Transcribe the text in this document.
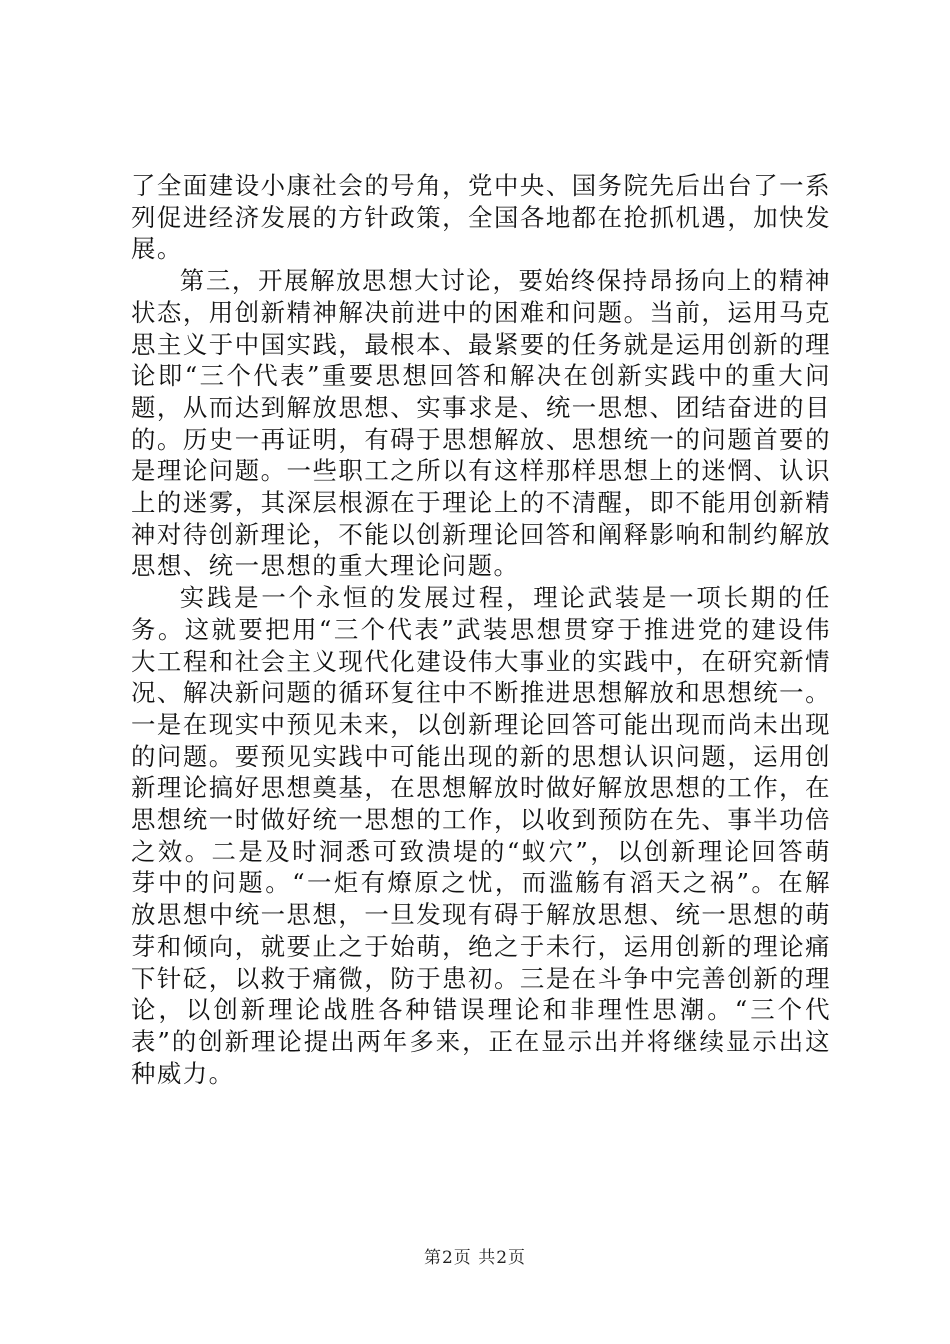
了全面建设小康社会的号角，党中央、国务院先后出台了一系列促进经济发展的方针政策，全国各地都在抢抓机遇，加快发展。

第三，开展解放思想大讨论，要始终保持昂扬向上的精神状态，用创新精神解决前进中的困难和问题。当前，运用马克思主义于中国实践，最根本、最紧要的任务就是运用创新的理论即“三个代表”重要思想回答和解决在创新实践中的重大问题，从而达到解放思想、实事求是、统一思想、团结奋进的目的。历史一再证明，有碍于思想解放、思想统一的问题首要的是理论问题。一些职工之所以有这样那样思想上的迷惘、认识上的迷雾，其深层根源在于理论上的不清醒，即不能用创新精神对待创新理论，不能以创新理论回答和阐释影响和制约解放思想、统一思想的重大理论问题。

实践是一个永恒的发展过程，理论武装是一项长期的任务。这就要把用“三个代表”武装思想贯穿于推进党的建设伟大工程和社会主义现代化建设伟大事业的实践中，在研究新情况、解决新问题的循环复往中不断推进思想解放和思想统一。一是在现实中预见未来，以创新理论回答可能出现而尚未出现的问题。要预见实践中可能出现的新的思想认识问题，运用创新理论搞好思想奠基，在思想解放时做好解放思想的工作，在思想统一时做好统一思想的工作，以收到预防在先、事半功倍之效。二是及时洞悉可致溃堤的“蚁穴”，以创新理论回答萌芽中的问题。“一炬有燎原之忧，而滥觞有滔天之祸”。在解放思想中统一思想，一旦发现有碍于解放思想、统一思想的萌芽和倾向，就要止之于始萌，绝之于未行，运用创新的理论痛下针砭，以救于痛微，防于患初。三是在斗争中完善创新的理论，以创新理论战胜各种错误理论和非理性思潮。“三个代表”的创新理论提出两年多来，正在显示出并将继续显示出这种威力。

第2页 共2页
